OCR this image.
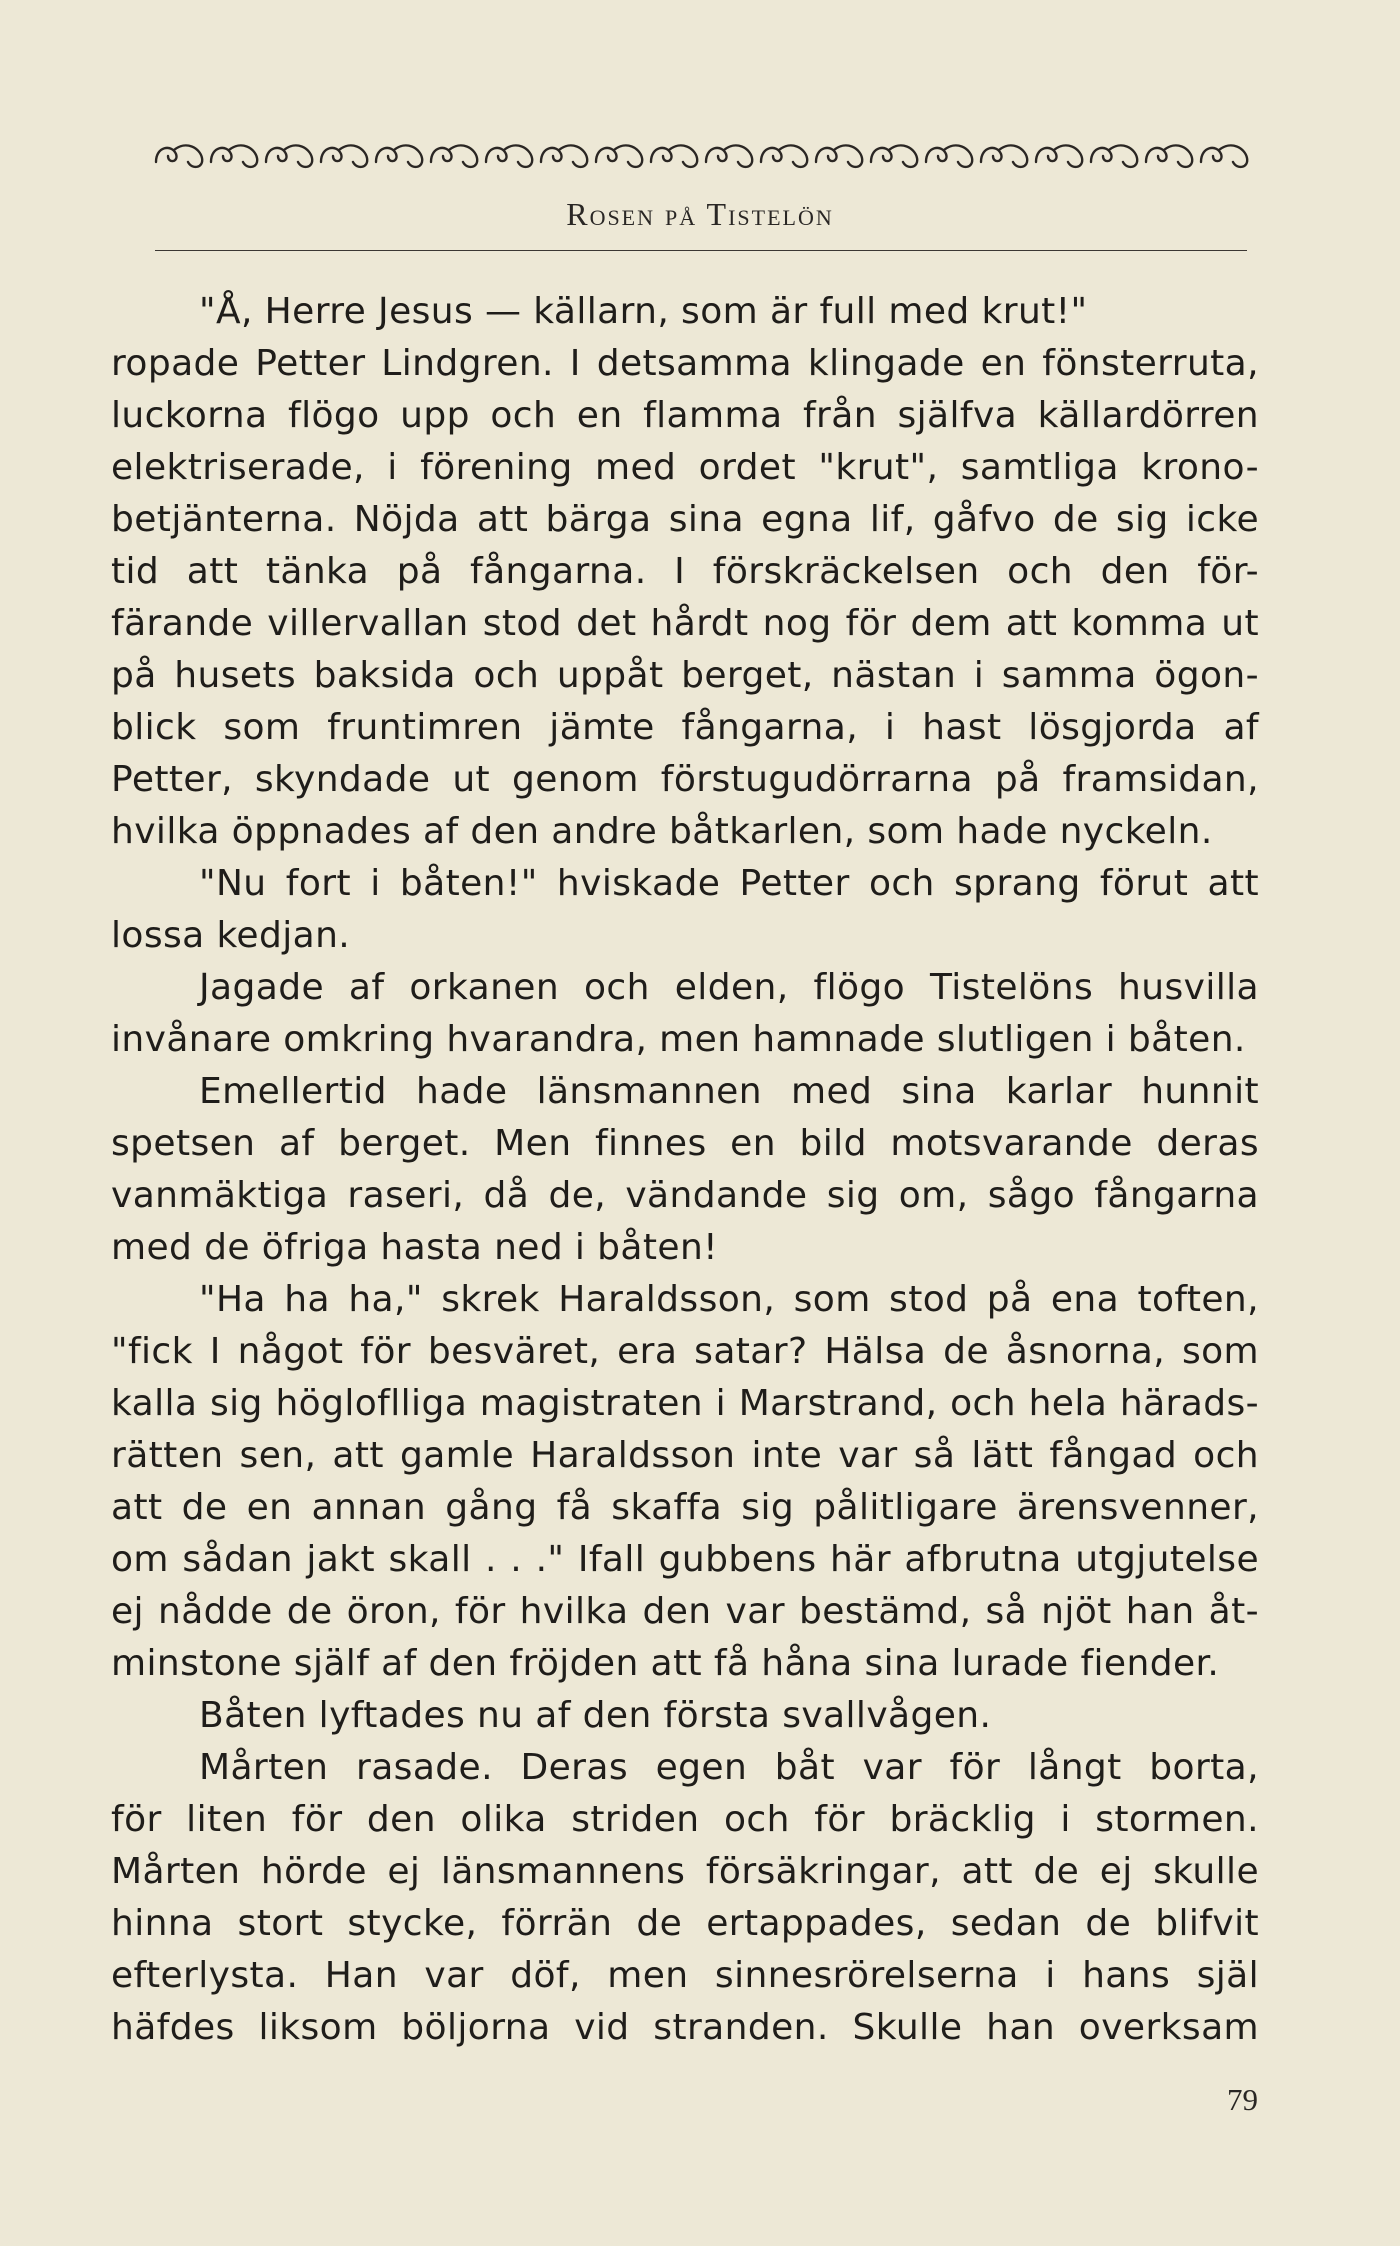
Rosen på Tistelön
"Å, Herre Jesus — källarn, som är full med krut!"
ropade Petter Lindgren. I detsamma klingade en fönsterruta,
luckorna flögo upp och en flamma från själfva källardörren
elektriserade, i förening med ordet "krut", samtliga krono-
betjänterna. Nöjda att bärga sina egna lif, gåfvo de sig icke
tid att tänka på fångarna. I förskräckelsen och den för-
färande villervallan stod det hårdt nog för dem att komma ut
på husets baksida och uppåt berget, nästan i samma ögon-
blick som fruntimren jämte fångarna, i hast lösgjorda af
Petter, skyndade ut genom förstugudörrarna på framsidan,
hvilka öppnades af den andre båtkarlen, som hade nyckeln.
"Nu fort i båten!" hviskade Petter och sprang förut att
lossa kedjan.
Jagade af orkanen och elden, flögo Tistelöns husvilla
invånare omkring hvarandra, men hamnade slutligen i båten.
Emellertid hade länsmannen med sina karlar hunnit
spetsen af berget. Men finnes en bild motsvarande deras
vanmäktiga raseri, då de, vändande sig om, sågo fångarna
med de öfriga hasta ned i båten!
"Ha ha ha," skrek Haraldsson, som stod på ena toften,
"fick I något för besväret, era satar? Hälsa de åsnorna, som
kalla sig högloflliga magistraten i Marstrand, och hela härads-
rätten sen, att gamle Haraldsson inte var så lätt fångad och
att de en annan gång få skaffa sig pålitligare ärensvenner,
om sådan jakt skall . . ." Ifall gubbens här afbrutna utgjutelse
ej nådde de öron, för hvilka den var bestämd, så njöt han åt-
minstone själf af den fröjden att få håna sina lurade fiender.
Båten lyftades nu af den första svallvågen.
Mårten rasade. Deras egen båt var för långt borta,
för liten för den olika striden och för bräcklig i stormen.
Mårten hörde ej länsmannens försäkringar, att de ej skulle
hinna stort stycke, förrän de ertappades, sedan de blifvit
efterlysta. Han var döf, men sinnesrörelserna i hans själ
häfdes liksom böljorna vid stranden. Skulle han overksam
79
